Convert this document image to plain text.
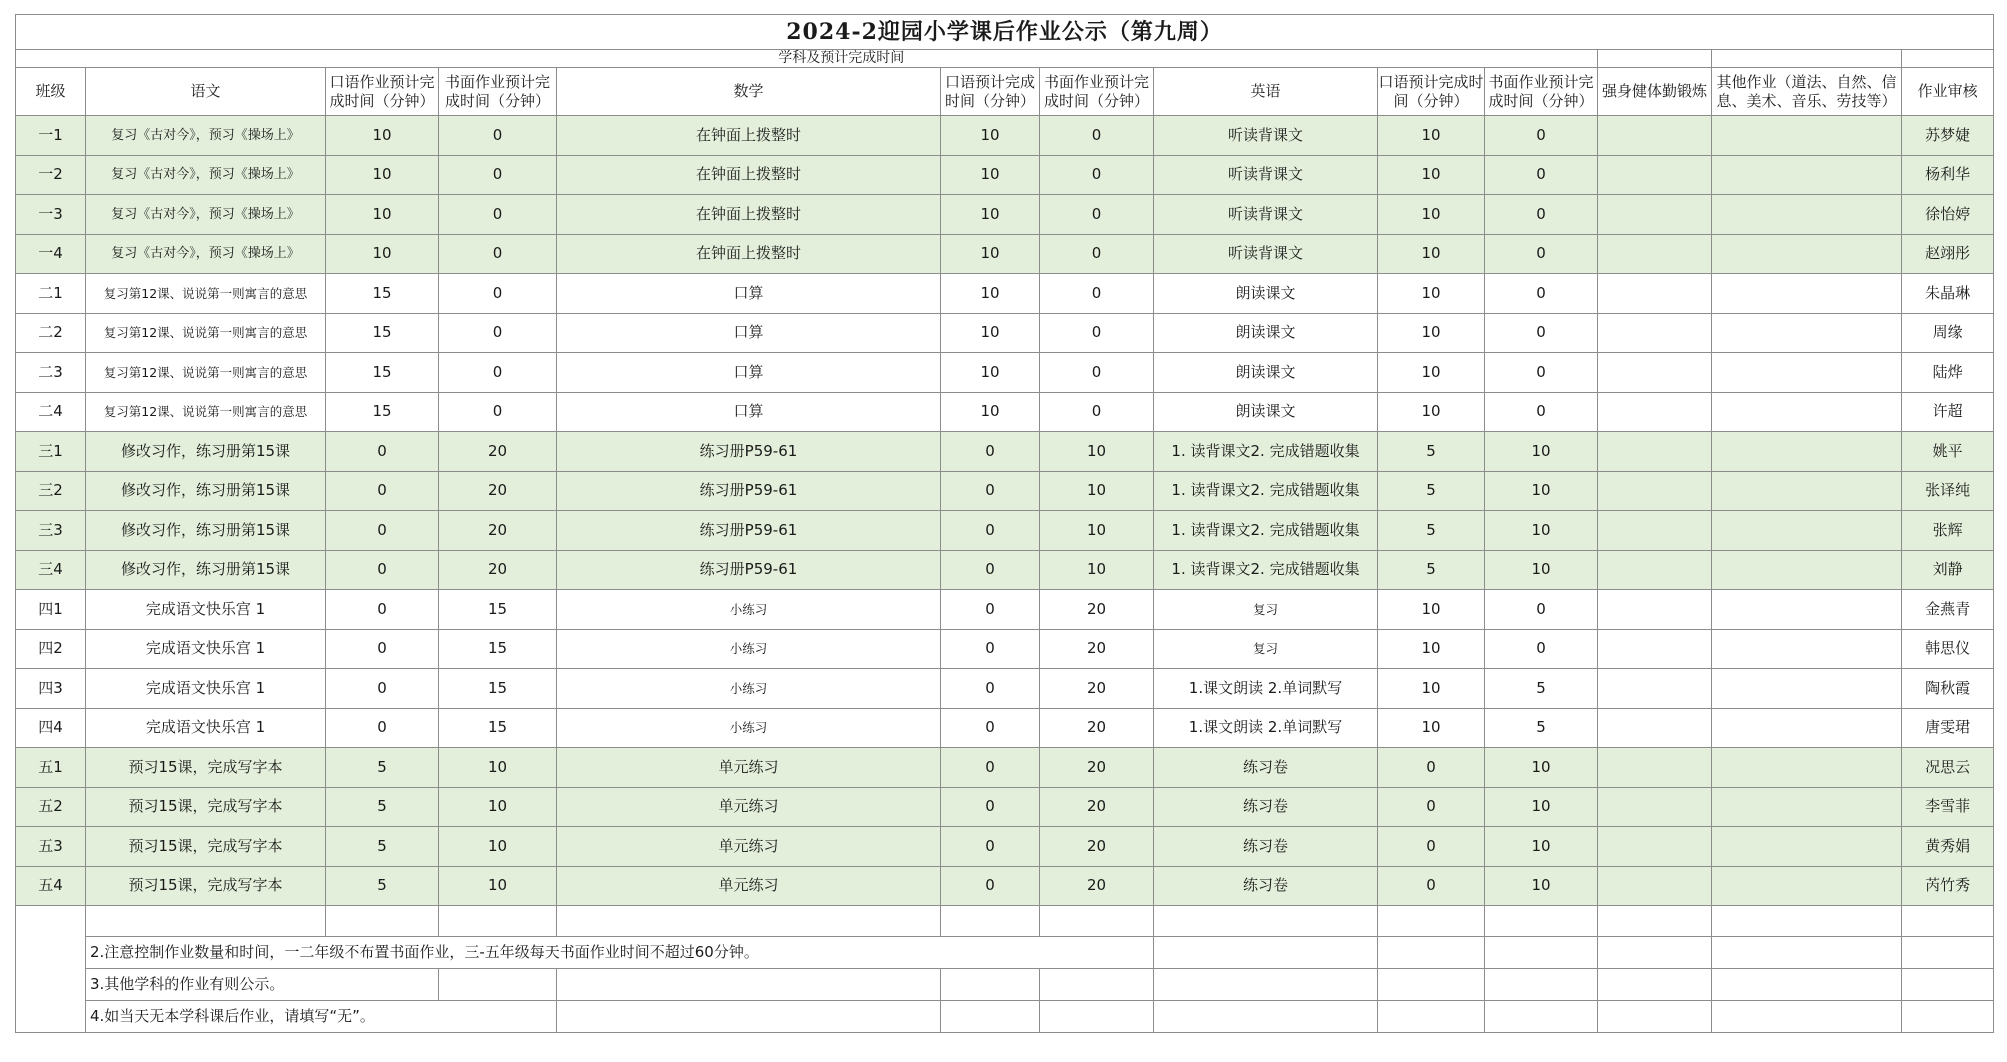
2024-2迎园小学课后作业公示（第九周）												
	学科及预计完成时间											
班级	语文	口语作业预计完成时间（分钟）	书面作业预计完成时间（分钟）	数学	口语预计完成时间（分钟）	书面作业预计完成时间（分钟）	英语	口语预计完成时间（分钟）	书面作业预计完成时间（分钟）	强身健体勤锻炼	其他作业（道法、自然、信息、美术、音乐、劳技等）	作业审核
一1	复习《古对今》，预习《操场上》	10	0	在钟面上拨整时	10	0	听读背课文	10	0			苏梦婕
一2	复习《古对今》，预习《操场上》	10	0	在钟面上拨整时	10	0	听读背课文	10	0			杨利华
一3	复习《古对今》，预习《操场上》	10	0	在钟面上拨整时	10	0	听读背课文	10	0			徐怡婷
一4	复习《古对今》，预习《操场上》	10	0	在钟面上拨整时	10	0	听读背课文	10	0			赵翊彤
二1	复习第12课、说说第一则寓言的意思	15	0	口算	10	0	朗读课文	10	0			朱晶琳
二2	复习第12课、说说第一则寓言的意思	15	0	口算	10	0	朗读课文	10	0			周缘
二3	复习第12课、说说第一则寓言的意思	15	0	口算	10	0	朗读课文	10	0			陆烨
二4	复习第12课、说说第一则寓言的意思	15	0	口算	10	0	朗读课文	10	0			许超
三1	修改习作，练习册第15课	0	20	练习册P59-61	0	10	1. 读背课文2. 完成错题收集	5	10			姚平
三2	修改习作，练习册第15课	0	20	练习册P59-61	0	10	1. 读背课文2. 完成错题收集	5	10			张译纯
三3	修改习作，练习册第15课	0	20	练习册P59-61	0	10	1. 读背课文2. 完成错题收集	5	10			张辉
三4	修改习作，练习册第15课	0	20	练习册P59-61	0	10	1. 读背课文2. 完成错题收集	5	10			刘静
四1	完成语文快乐宫 1	0	15	小练习	0	20	复习	10	0			金燕青
四2	完成语文快乐宫 1	0	15	小练习	0	20	复习	10	0			韩思仪
四3	完成语文快乐宫 1	0	15	小练习	0	20	1.课文朗读 2.单词默写	10	5			陶秋霞
四4	完成语文快乐宫 1	0	15	小练习	0	20	1.课文朗读 2.单词默写	10	5			唐雯珺
五1	预习15课，完成写字本	5	10	单元练习	0	20	练习卷	0	10			况思云
五2	预习15课，完成写字本	5	10	单元练习	0	20	练习卷	0	10			李雪菲
五3	预习15课，完成写字本	5	10	单元练习	0	20	练习卷	0	10			黄秀娟
五4	预习15课，完成写字本	5	10	单元练习	0	20	练习卷	0	10			芮竹秀

	2.注意控制作业数量和时间，一二年级不布置书面作业，三-五年级每天书面作业时间不超过60分钟。											
	3.其他学科的作业有则公示。											
	4.如当天无本学科课后作业，请填写“无”。											
